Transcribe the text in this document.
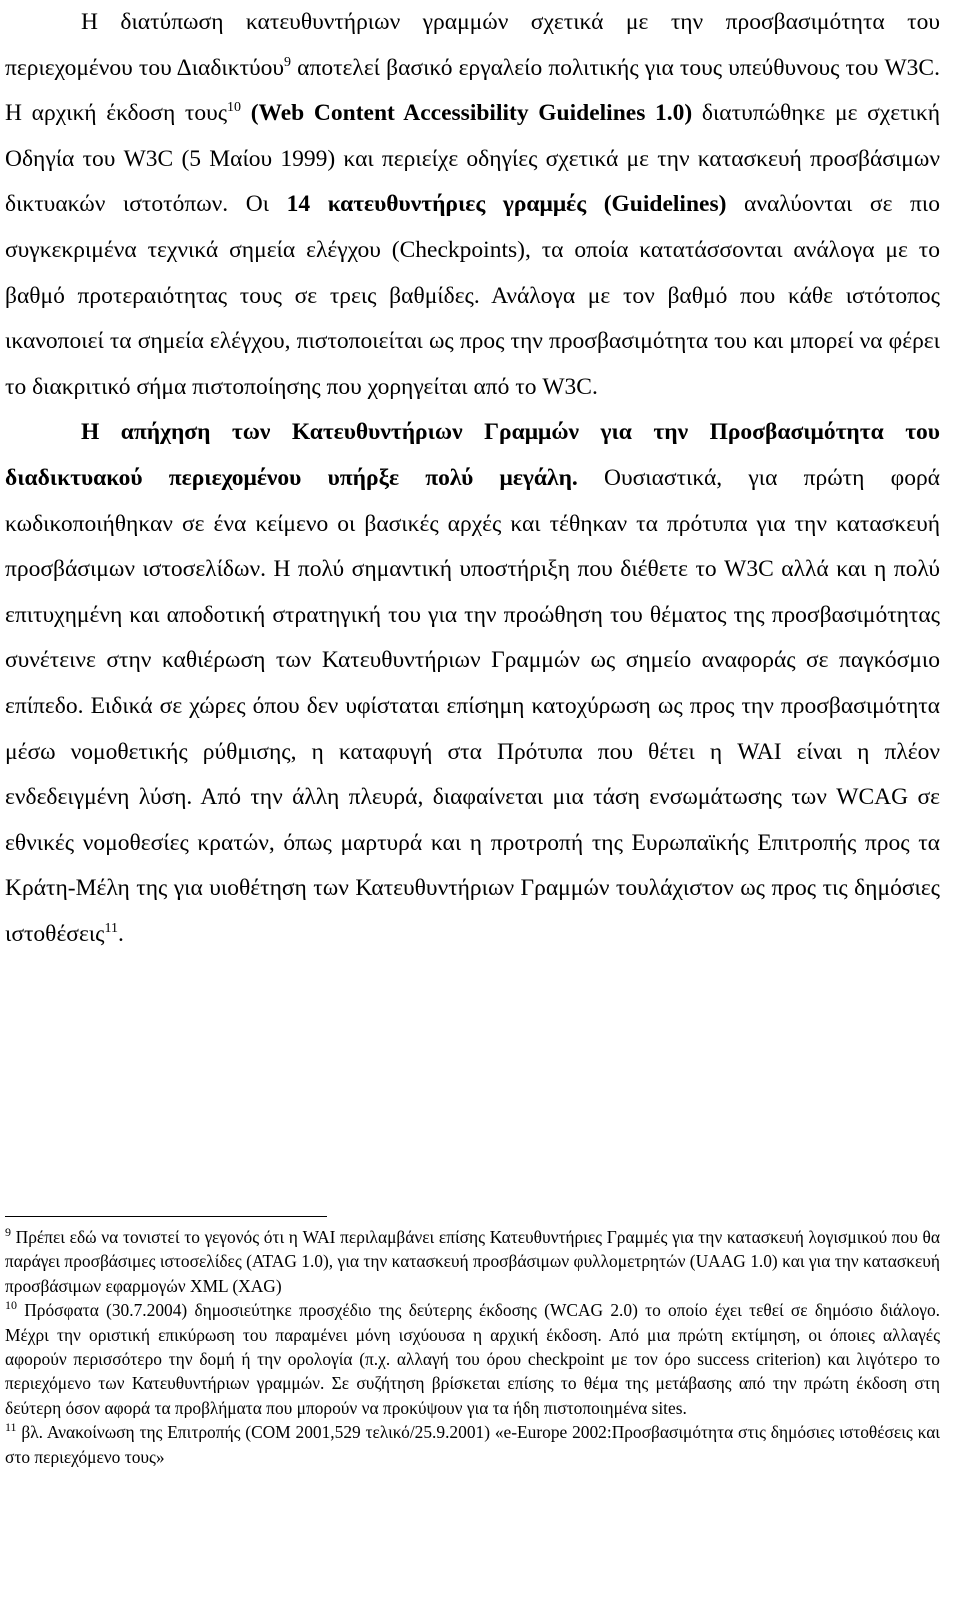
Η διατύπωση κατευθυντήριων γραμμών σχετικά με την προσβασιμότητα του περιεχομένου του Διαδικτύου$^9$ αποτελεί βασικό εργαλείο πολιτικής για τους υπεύθυνους του W3C. Η αρχική έκδοση τους$^{10}$ (Web Content Accessibility Guidelines 1.0) διατυπώθηκε με σχετική Οδηγία του W3C (5 Μαίου 1999) και περιείχε οδηγίες σχετικά με την κατασκευή προσβάσιμων δικτυακών ιστοτόπων. Οι 14 κατευθυντήριες γραμμές (Guidelines) αναλύονται σε πιο συγκεκριμένα τεχνικά σημεία ελέγχου (Checkpoints), τα οποία κατατάσσονται ανάλογα με το βαθμό προτεραιότητας τους σε τρεις βαθμίδες. Ανάλογα με τον βαθμό που κάθε ιστότοπος ικανοποιεί τα σημεία ελέγχου, πιστοποιείται ως προς την προσβασιμότητα του και μπορεί να φέρει το διακριτικό σήμα πιστοποίησης που χορηγείται από το W3C.

Η απήχηση των Κατευθυντήριων Γραμμών για την Προσβασιμότητα του διαδικτυακού περιεχομένου υπήρξε πολύ μεγάλη. Ουσιαστικά, για πρώτη φορά κωδικοποιήθηκαν σε ένα κείμενο οι βασικές αρχές και τέθηκαν τα πρότυπα για την κατασκευή προσβάσιμων ιστοσελίδων. Η πολύ σημαντική υποστήριξη που διέθετε το W3C αλλά και η πολύ επιτυχημένη και αποδοτική στρατηγική του για την προώθηση του θέματος της προσβασιμότητας συνέτεινε στην καθιέρωση των Κατευθυντήριων Γραμμών ως σημείο αναφοράς σε παγκόσμιο επίπεδο. Ειδικά σε χώρες όπου δεν υφίσταται επίσημη κατοχύρωση ως προς την προσβασιμότητα μέσω νομοθετικής ρύθμισης, η καταφυγή στα Πρότυπα που θέτει η WAI είναι η πλέον ενδεδειγμένη λύση. Από την άλλη πλευρά, διαφαίνεται μια τάση ενσωμάτωσης των WCAG σε εθνικές νομοθεσίες κρατών, όπως μαρτυρά και η προτροπή της Ευρωπαϊκής Επιτροπής προς τα Κράτη-Μέλη της για υιοθέτηση των Κατευθυντήριων Γραμμών τουλάχιστον ως προς τις δημόσιες ιστοθέσεις$^{11}$.

$^9$ Πρέπει εδώ να τονιστεί το γεγονός ότι η WAI περιλαμβάνει επίσης Κατευθυντήριες Γραμμές για την κατασκευή λογισμικού που θα παράγει προσβάσιμες ιστοσελίδες (ATAG 1.0), για την κατασκευή προσβάσιμων φυλλομετρητών (UAAG 1.0) και για την κατασκευή προσβάσιμων εφαρμογών XML (XAG)

$^{10}$ Πρόσφατα (30.7.2004) δημοσιεύτηκε προσχέδιο της δεύτερης έκδοσης (WCAG 2.0) το οποίο έχει τεθεί σε δημόσιο διάλογο. Μέχρι την οριστική επικύρωση του παραμένει μόνη ισχύουσα η αρχική έκδοση. Από μια πρώτη εκτίμηση, οι όποιες αλλαγές αφορούν περισσότερο την δομή ή την ορολογία (π.χ. αλλαγή του όρου checkpoint με τον όρο success criterion) και λιγότερο το περιεχόμενο των Κατευθυντήριων γραμμών. Σε συζήτηση βρίσκεται επίσης το θέμα της μετάβασης από την πρώτη έκδοση στη δεύτερη όσον αφορά τα προβλήματα που μπορούν να προκύψουν για τα ήδη πιστοποιημένα sites.

$^{11}$ βλ. Ανακοίνωση της Επιτροπής (COM 2001,529 τελικό/25.9.2001) «e-Europe 2002:Προσβασιμότητα στις δημόσιες ιστοθέσεις και στο περιεχόμενο τους»
